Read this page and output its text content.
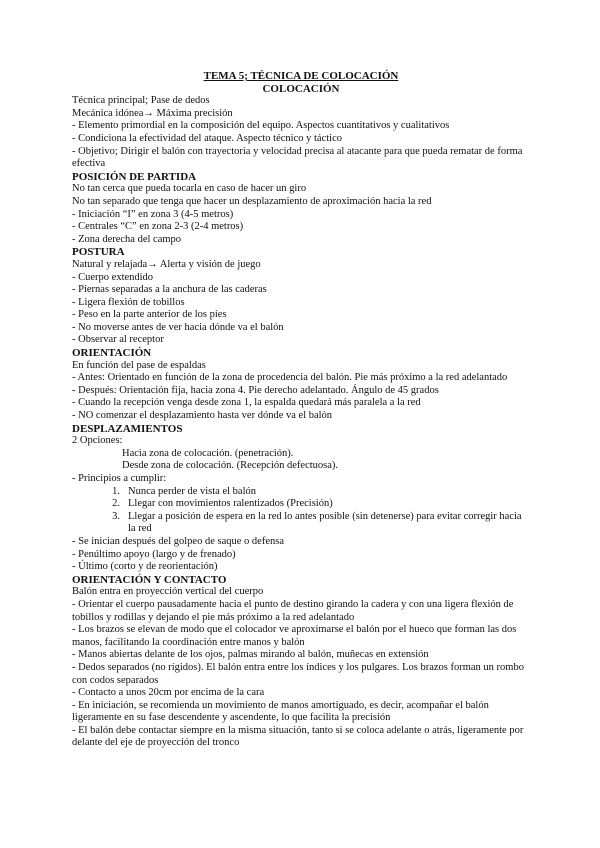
TEMA 5; TÉCNICA DE COLOCACIÓN
COLOCACIÓN

Técnica principal; Pase de dedos

Mecánica idónea→ Máxima precisión

- Elemento primordial en la composición del equipo. Aspectos cuantitativos y cualitativos

- Condiciona la efectividad del ataque. Aspecto técnico y táctico

- Objetivo; Dirigir el balón con trayectoria y velocidad precisa al atacante para que pueda rematar de forma efectiva

POSICIÓN DE PARTIDA

No tan cerca que pueda tocarla en caso de hacer un giro

No tan separado que tenga que hacer un desplazamiento de aproximación hacia la red

- Iniciación “I” en zona 3 (4-5 metros)

- Centrales “C” en zona 2-3 (2-4 metros)

- Zona derecha del campo

POSTURA

Natural y relajada→ Alerta y visión de juego

- Cuerpo extendido

- Piernas separadas a la anchura de las caderas

- Ligera flexión de tobillos

- Peso en la parte anterior de los pies

- No moverse antes de ver hacia dónde va el balón

- Observar al receptor

ORIENTACIÓN

En función del pase de espaldas

- Antes: Orientado en función de la zona de procedencia del balón. Pie más próximo a la red adelantado

- Después: Orientación fija, hacia zona 4. Pie derecho adelantado. Ángulo de 45 grados

- Cuando la recepción venga desde zona 1, la espalda quedará más paralela a la red

- NO comenzar el desplazamiento hasta ver dónde va el balón

DESPLAZAMIENTOS

2 Opciones:

Hacia zona de colocación. (penetración).

Desde zona de colocación. (Recepción defectuosa).

- Principios a cumplir:

1. Nunca perder de vista el balón
2. Llegar con movimientos ralentizados (Precisión)
3. Llegar a posición de espera en la red lo antes posible (sin detenerse) para evitar corregir hacia la red

- Se inician después del golpeo de saque o defensa

- Penúltimo apoyo (largo y de frenado)

- Último (corto y de reorientación)

ORIENTACIÓN Y CONTACTO

Balón entra en proyección vertical del cuerpo

- Orientar el cuerpo pausadamente hacia el punto de destino girando la cadera y con una ligera flexión de tobillos y rodillas y dejando el pie más próximo a la red adelantado

- Los brazos se elevan de modo que el colocador ve aproximarse el balón por el hueco que forman las dos manos, facilitando la coordinación entre manos y balón

- Manos abiertas delante de los ojos, palmas mirando al balón, muñecas en extensión

- Dedos separados (no rígidos). El balón entra entre los índices y los pulgares. Los brazos forman un rombo con codos separados

- Contacto a unos 20cm por encima de la cara

- En iniciación, se recomienda un movimiento de manos amortiguado, es decir, acompañar el balón ligeramente en su fase descendente y ascendente, lo que facilita la precisión

- El balón debe contactar siempre en la misma situación, tanto si se coloca adelante o atrás, ligeramente por delante del eje de proyección del tronco
